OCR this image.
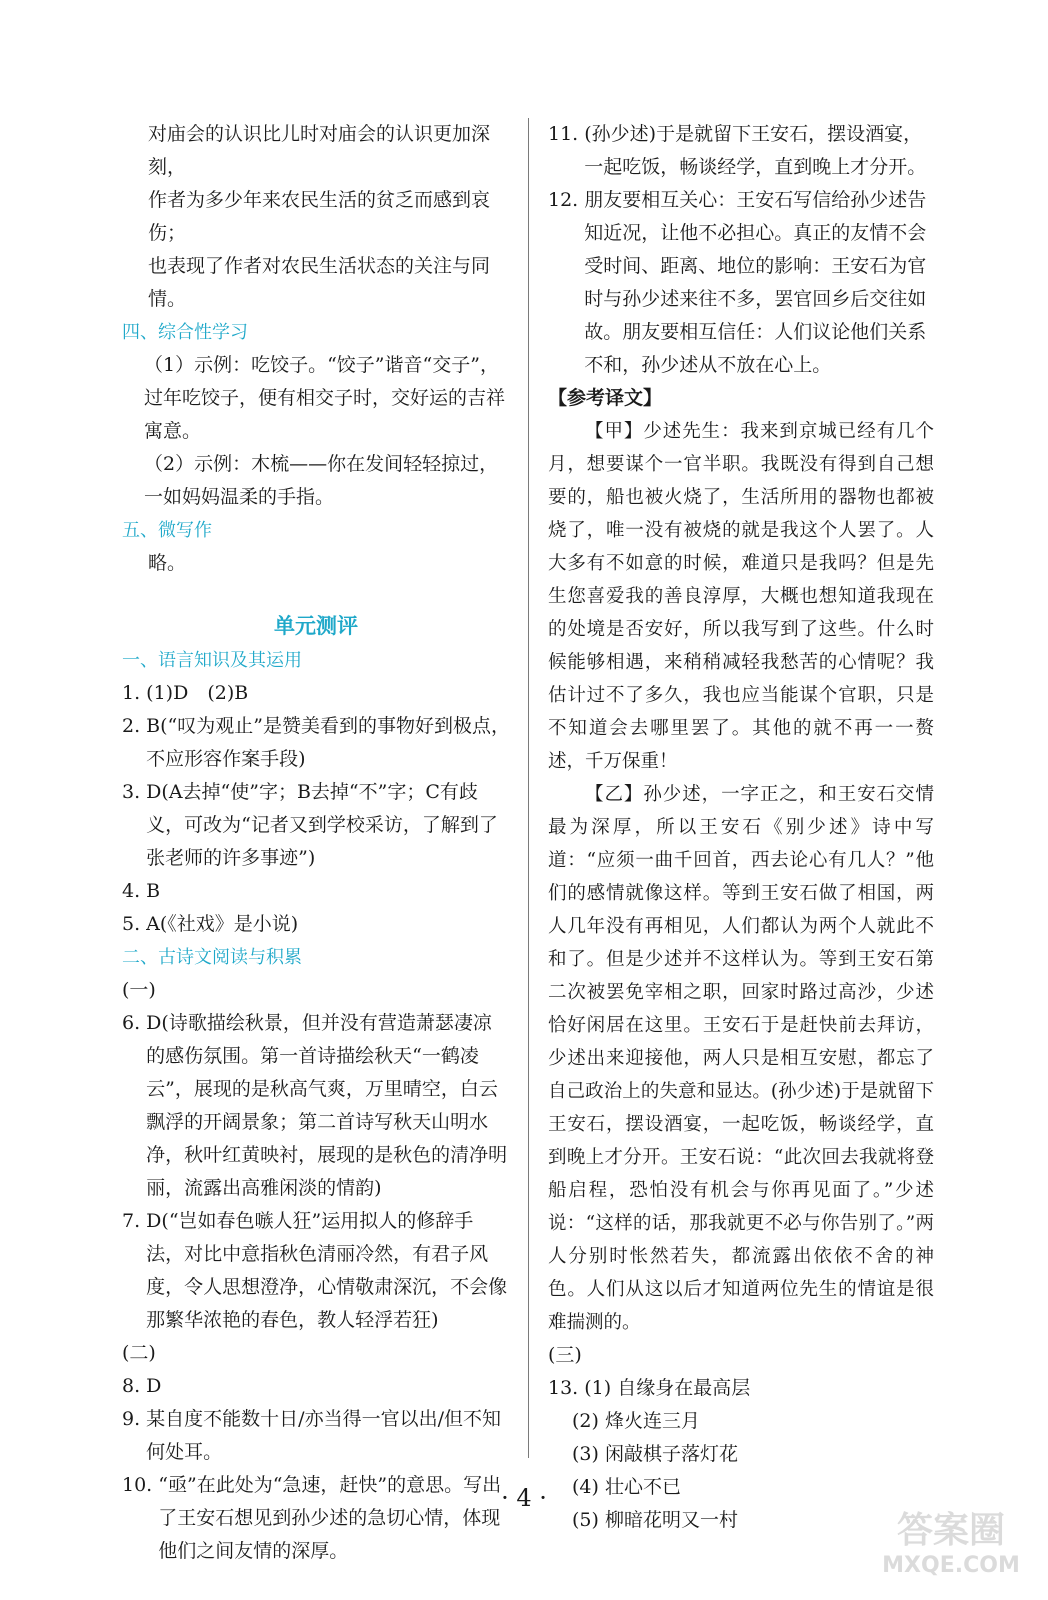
对庙会的认识比儿时对庙会的认识更加深刻，
作者为多少年来农民生活的贫乏而感到哀伤；
也表现了作者对农民生活状态的关注与同情。
四、综合性学习
（1）示例：吃饺子。“饺子”谐音“交子”，过年吃饺子，便有相交子时，交好运的吉祥寓意。
（2）示例：木梳——你在发间轻轻掠过，一如妈妈温柔的手指。
五、微写作
略。
单元测评
一、语言知识及其运用
1. (1)D　(2)B
2. B(“叹为观止”是赞美看到的事物好到极点，不应形容作案手段)
3. D(A去掉“使”字；B去掉“不”字；C有歧义，可改为“记者又到学校采访，了解到了张老师的许多事迹”)
4. B
5. A(《社戏》是小说)
二、古诗文阅读与积累
(一)
6. D(诗歌描绘秋景，但并没有营造萧瑟凄凉的感伤氛围。第一首诗描绘秋天“一鹤凌云”，展现的是秋高气爽，万里晴空，白云飘浮的开阔景象；第二首诗写秋天山明水净，秋叶红黄映衬，展现的是秋色的清净明丽，流露出高雅闲淡的情韵)
7. D(“岂如春色嗾人狂”运用拟人的修辞手法，对比中意指秋色清丽冷然，有君子风度，令人思想澄净，心情敬肃深沉，不会像那繁华浓艳的春色，教人轻浮若狂)
(二)
8. D
9. 某自度不能数十日/亦当得一官以出/但不知何处耳。
10. “亟”在此处为“急速，赶快”的意思。写出了王安石想见到孙少述的急切心情，体现他们之间友情的深厚。
11. (孙少述)于是就留下王安石，摆设酒宴，一起吃饭，畅谈经学，直到晚上才分开。
12. 朋友要相互关心：王安石写信给孙少述告知近况，让他不必担心。真正的友情不会受时间、距离、地位的影响：王安石为官时与孙少述来往不多，罢官回乡后交往如故。朋友要相互信任：人们议论他们关系不和，孙少述从不放在心上。
【参考译文】
【甲】少述先生：我来到京城已经有几个月，想要谋个一官半职。我既没有得到自己想要的，船也被火烧了，生活所用的器物也都被烧了，唯一没有被烧的就是我这个人罢了。人大多有不如意的时候，难道只是我吗？但是先生您喜爱我的善良淳厚，大概也想知道我现在的处境是否安好，所以我写到了这些。什么时候能够相遇，来稍稍减轻我愁苦的心情呢？我估计过不了多久，我也应当能谋个官职，只是不知道会去哪里罢了。其他的就不再一一赘述，千万保重！
【乙】孙少述，一字正之，和王安石交情最为深厚，所以王安石《别少述》诗中写道：“应须一曲千回首，西去论心有几人？”他们的感情就像这样。等到王安石做了相国，两人几年没有再相见，人们都认为两个人就此不和了。但是少述并不这样认为。等到王安石第二次被罢免宰相之职，回家时路过高沙，少述恰好闲居在这里。王安石于是赶快前去拜访，少述出来迎接他，两人只是相互安慰，都忘了自己政治上的失意和显达。(孙少述)于是就留下王安石，摆设酒宴，一起吃饭，畅谈经学，直到晚上才分开。王安石说：“此次回去我就将登船启程，恐怕没有机会与你再见面了。”少述说：“这样的话，那我就更不必与你告别了。”两人分别时怅然若失，都流露出依依不舍的神色。人们从这以后才知道两位先生的情谊是很难揣测的。
(三)
13. (1) 自缘身在最高层
(2) 烽火连三月
(3) 闲敲棋子落灯花
(4) 壮心不已
(5) 柳暗花明又一村
· 4 ·
答案圈
MXQE.COM
